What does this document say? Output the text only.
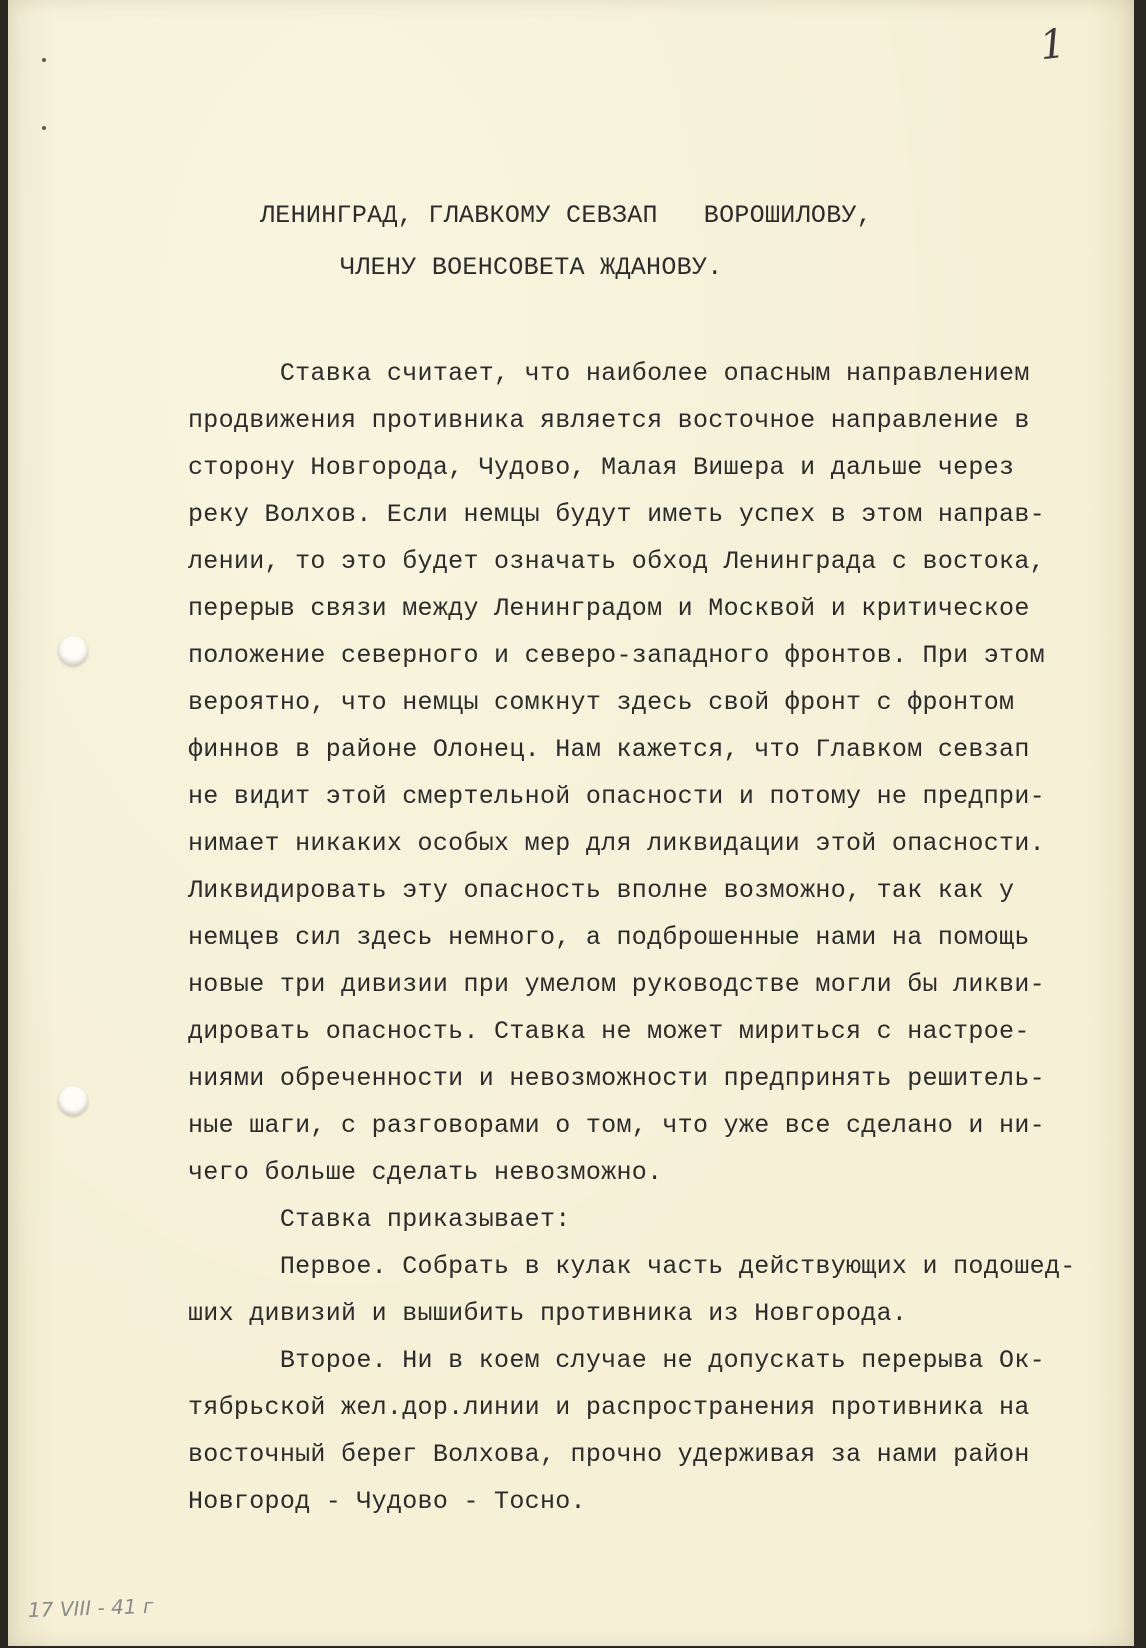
1
ЛЕНИНГРАД, ГЛАВКОМУ СЕВЗАП   ВОРОШИЛОВУ,
ЧЛЕНУ ВОЕНСОВЕТА ЖДАНОВУ.
Ставка считает, что наиболее опасным направлением
продвижения противника является восточное направление в
сторону Новгорода, Чудово, Малая Вишера и дальше через
реку Волхов. Если немцы будут иметь успех в этом направ-
лении, то это будет означать обход Ленинграда с востока,
перерыв связи между Ленинградом и Москвой и критическое
положение северного и северо-западного фронтов. При этом
вероятно, что немцы сомкнут здесь свой фронт с фронтом
финнов в районе Олонец. Нам кажется, что Главком севзап
не видит этой смертельной опасности и потому не предпри-
нимает никаких особых мер для ликвидации этой опасности.
Ликвидировать эту опасность вполне возможно, так как у
немцев сил здесь немного, а подброшенные нами на помощь
новые три дивизии при умелом руководстве могли бы ликви-
дировать опасность. Ставка не может мириться с настрое-
ниями обреченности и невозможности предпринять решитель-
ные шаги, с разговорами о том, что уже все сделано и ни-
чего больше сделать невозможно.
Ставка приказывает:
Первое. Собрать в кулак часть действующих и подошед-
ших дивизий и вышибить противника из Новгорода.
Второе. Ни в коем случае не допускать перерыва Ок-
тябрьской жел.дор.линии и распространения противника на
восточный берег Волхова, прочно удерживая за нами район
Новгород - Чудово - Тосно.
17 VIII - 41 г
